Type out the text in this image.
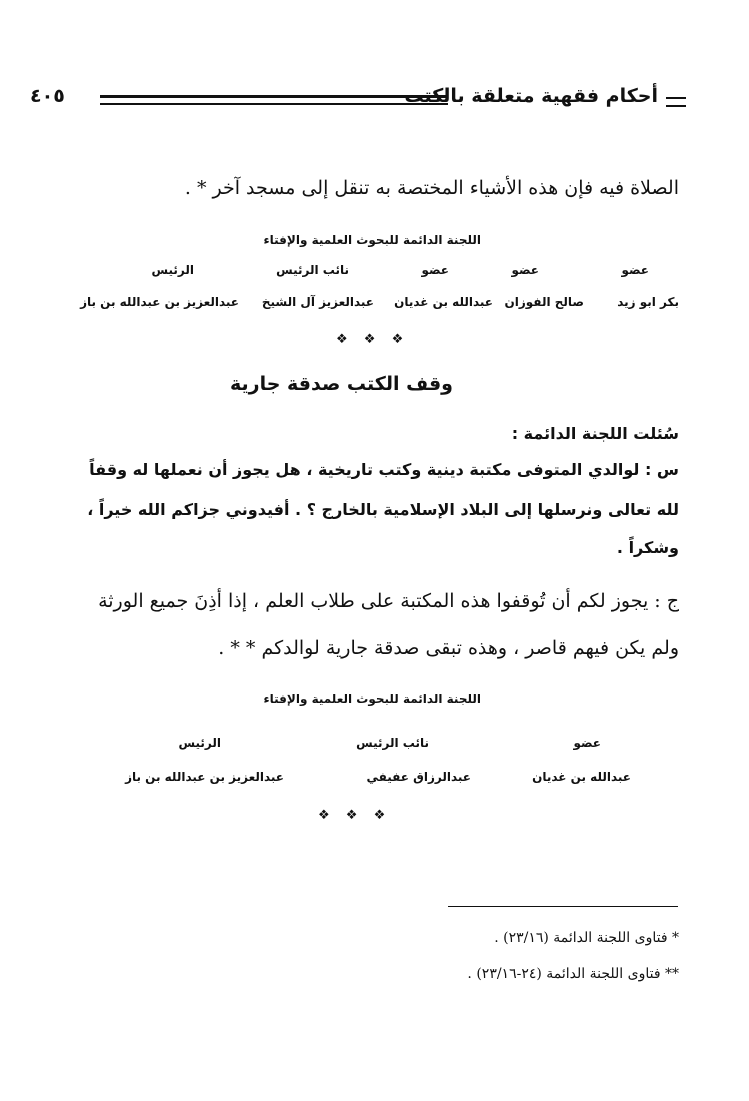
أحكام فقهية متعلقة بالكتب
٤٠٥
الصلاة فيه فإن هذه الأشياء المختصة به تنقل إلى مسجد آخر * .
اللجنة الدائمة للبحوث العلمية والإفتاء
عضو
عضو
عضو
نائب الرئيس
الرئيس
بكر ابو زيد
صالح الفوزان
عبدالله بن غديان
عبدالعزيز آل الشيخ
عبدالعزيز بن عبدالله بن باز
❖ ❖ ❖
وقف الكتب صدقة جارية
سُئلت اللجنة الدائمة :
س : لوالدي المتوفى مكتبة دينية وكتب تاريخية ، هل يجوز أن نعملها له وقفاً
لله تعالى ونرسلها إلى البلاد الإسلامية بالخارج ؟ . أفيدوني جزاكم الله خيراً ،
وشكراً .
ج : يجوز لكم أن تُوقفوا هذه المكتبة على طلاب العلم ، إذا أذِنَ جميع الورثة
ولم يكن فيهم قاصر ، وهذه تبقى صدقة جارية لوالدكم * * .
اللجنة الدائمة للبحوث العلمية والإفتاء
عضو
نائب الرئيس
الرئيس
عبدالله بن غديان
عبدالرزاق عفيفي
عبدالعزيز بن عبدالله بن باز
❖ ❖ ❖
* فتاوى اللجنة الدائمة (٢٣/١٦) .
** فتاوى اللجنة الدائمة (٢٤-٢٣/١٦) .
